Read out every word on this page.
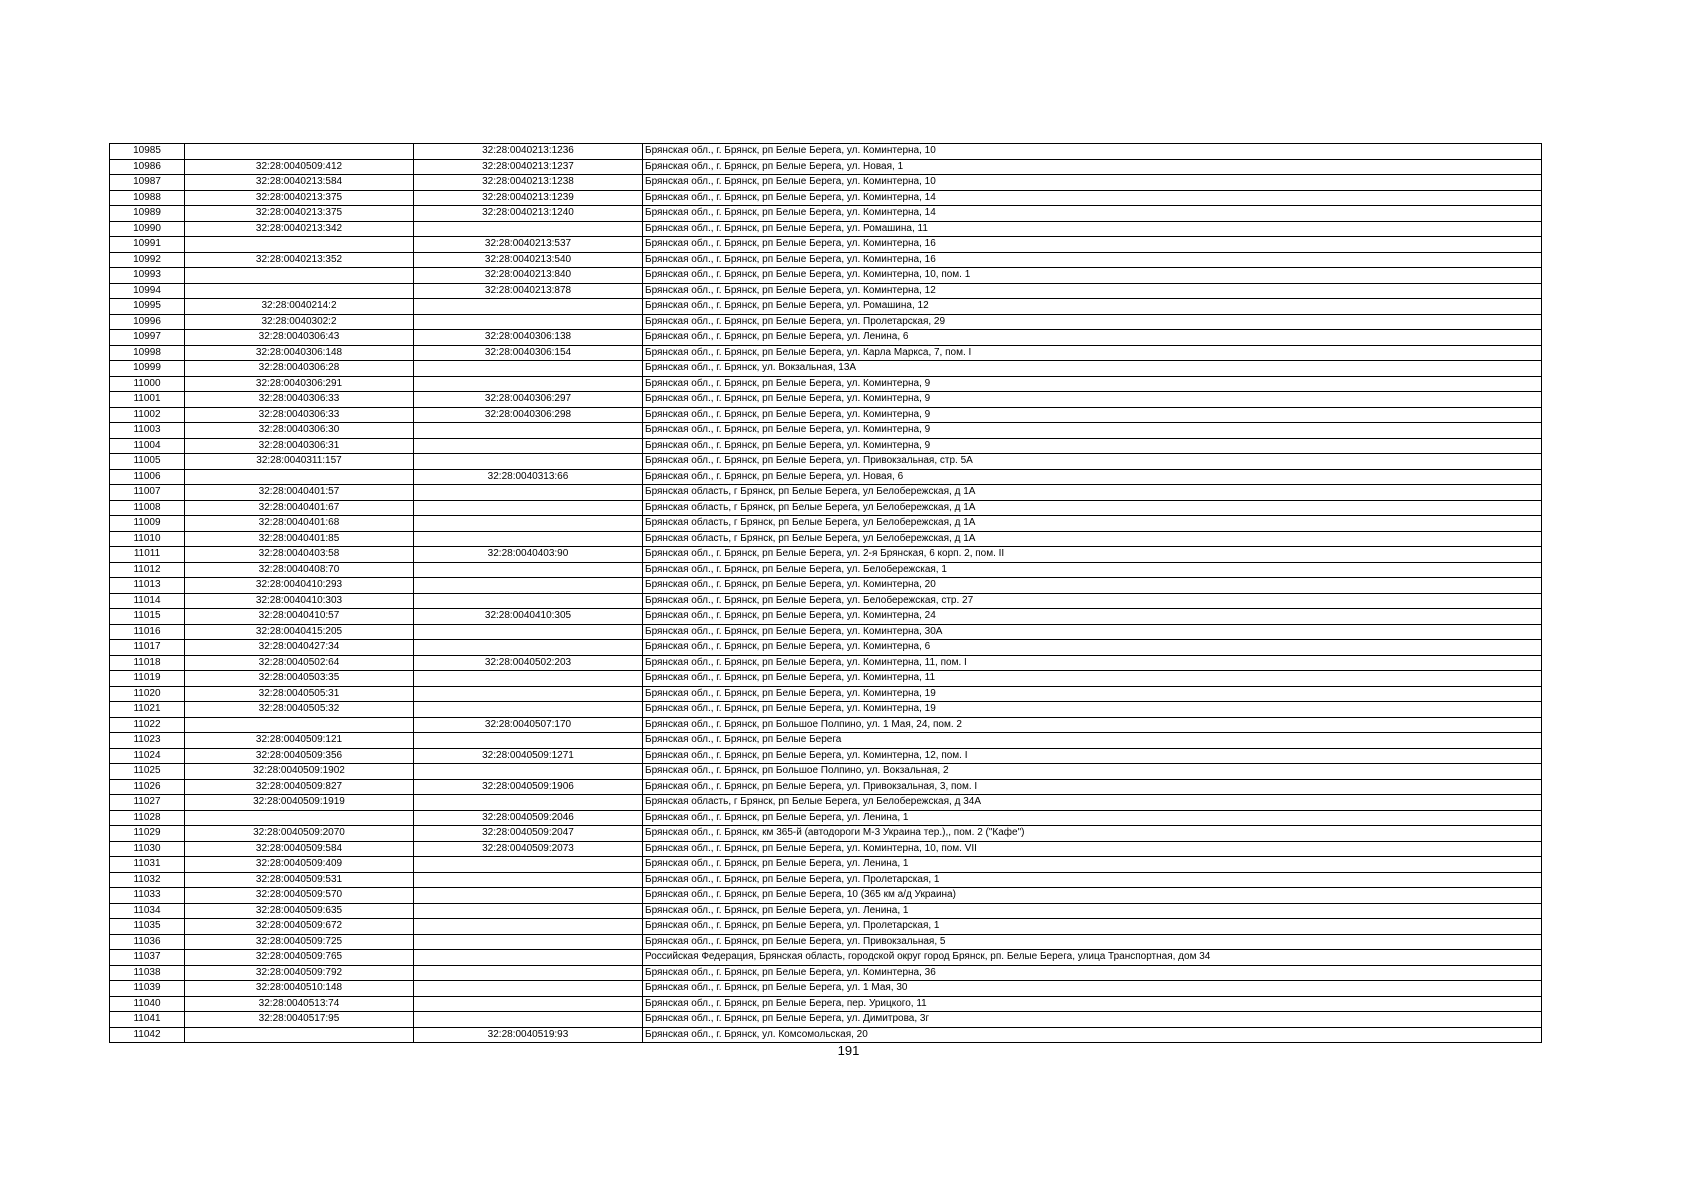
10985		32:28:0040213:1236	Брянская обл., г. Брянск, рп Белые Берега, ул. Коминтерна, 10
10986	32:28:0040509:412	32:28:0040213:1237	Брянская обл., г. Брянск, рп Белые Берега, ул. Новая, 1
10987	32:28:0040213:584	32:28:0040213:1238	Брянская обл., г. Брянск, рп Белые Берега, ул. Коминтерна, 10
10988	32:28:0040213:375	32:28:0040213:1239	Брянская обл., г. Брянск, рп Белые Берега, ул. Коминтерна, 14
10989	32:28:0040213:375	32:28:0040213:1240	Брянская обл., г. Брянск, рп Белые Берега, ул. Коминтерна, 14
10990	32:28:0040213:342		Брянская обл., г. Брянск, рп Белые Берега, ул. Ромашина, 11
10991		32:28:0040213:537	Брянская обл., г. Брянск, рп Белые Берега, ул. Коминтерна, 16
10992	32:28:0040213:352	32:28:0040213:540	Брянская обл., г. Брянск, рп Белые Берега, ул. Коминтерна, 16
10993		32:28:0040213:840	Брянская обл., г. Брянск, рп Белые Берега, ул. Коминтерна, 10, пом. 1
10994		32:28:0040213:878	Брянская обл., г. Брянск, рп Белые Берега, ул. Коминтерна, 12
10995	32:28:0040214:2		Брянская обл., г. Брянск, рп Белые Берега, ул. Ромашина, 12
10996	32:28:0040302:2		Брянская обл., г. Брянск, рп Белые Берега, ул. Пролетарская, 29
10997	32:28:0040306:43	32:28:0040306:138	Брянская обл., г. Брянск, рп Белые Берега, ул. Ленина, 6
10998	32:28:0040306:148	32:28:0040306:154	Брянская обл., г. Брянск, рп Белые Берега, ул. Карла Маркса, 7, пом. I
10999	32:28:0040306:28		Брянская обл., г. Брянск, ул. Вокзальная, 13А
11000	32:28:0040306:291		Брянская обл., г. Брянск, рп Белые Берега, ул. Коминтерна, 9
11001	32:28:0040306:33	32:28:0040306:297	Брянская обл., г. Брянск, рп Белые Берега, ул. Коминтерна, 9
11002	32:28:0040306:33	32:28:0040306:298	Брянская обл., г. Брянск, рп Белые Берега, ул. Коминтерна, 9
11003	32:28:0040306:30		Брянская обл., г. Брянск, рп Белые Берега, ул. Коминтерна, 9
11004	32:28:0040306:31		Брянская обл., г. Брянск, рп Белые Берега, ул. Коминтерна, 9
11005	32:28:0040311:157		Брянская обл., г. Брянск, рп Белые Берега, ул. Привокзальная, стр. 5А
11006		32:28:0040313:66	Брянская обл., г. Брянск, рп Белые Берега, ул. Новая, 6
11007	32:28:0040401:57		Брянская область, г Брянск, рп Белые Берега, ул Белобережская, д 1А
11008	32:28:0040401:67		Брянская область, г Брянск, рп Белые Берега, ул Белобережская, д 1А
11009	32:28:0040401:68		Брянская область, г Брянск, рп Белые Берега, ул Белобережская, д 1А
11010	32:28:0040401:85		Брянская область, г Брянск, рп Белые Берега, ул Белобережская, д 1А
11011	32:28:0040403:58	32:28:0040403:90	Брянская обл., г. Брянск, рп Белые Берега, ул. 2-я Брянская, 6 корп. 2, пом. II
11012	32:28:0040408:70		Брянская обл., г. Брянск, рп Белые Берега, ул. Белобережская, 1
11013	32:28:0040410:293		Брянская обл., г. Брянск, рп Белые Берега, ул. Коминтерна, 20
11014	32:28:0040410:303		Брянская обл., г. Брянск, рп Белые Берега, ул. Белобережская, стр. 27
11015	32:28:0040410:57	32:28:0040410:305	Брянская обл., г. Брянск, рп Белые Берега, ул. Коминтерна, 24
11016	32:28:0040415:205		Брянская обл., г. Брянск, рп Белые Берега, ул. Коминтерна, 30А
11017	32:28:0040427:34		Брянская обл., г. Брянск, рп Белые Берега, ул. Коминтерна, 6
11018	32:28:0040502:64	32:28:0040502:203	Брянская обл., г. Брянск, рп Белые Берега, ул. Коминтерна, 11, пом. I
11019	32:28:0040503:35		Брянская обл., г. Брянск, рп Белые Берега, ул. Коминтерна, 11
11020	32:28:0040505:31		Брянская обл., г. Брянск, рп Белые Берега, ул. Коминтерна, 19
11021	32:28:0040505:32		Брянская обл., г. Брянск, рп Белые Берега, ул. Коминтерна, 19
11022		32:28:0040507:170	Брянская обл., г. Брянск, рп Большое Полпино, ул. 1 Мая, 24, пом. 2
11023	32:28:0040509:121		Брянская обл., г. Брянск, рп Белые Берега
11024	32:28:0040509:356	32:28:0040509:1271	Брянская обл., г. Брянск, рп Белые Берега, ул. Коминтерна, 12, пом. I
11025	32:28:0040509:1902		Брянская обл., г. Брянск, рп Большое Полпино, ул. Вокзальная, 2
11026	32:28:0040509:827	32:28:0040509:1906	Брянская обл., г. Брянск, рп Белые Берега, ул. Привокзальная, 3, пом. I
11027	32:28:0040509:1919		Брянская область, г Брянск, рп Белые Берега, ул Белобережская, д 34А
11028		32:28:0040509:2046	Брянская обл., г. Брянск, рп Белые Берега, ул. Ленина, 1
11029	32:28:0040509:2070	32:28:0040509:2047	Брянская обл., г. Брянск, км 365-й (автодороги М-3 Украина тер.),, пом. 2 ("Кафе")
11030	32:28:0040509:584	32:28:0040509:2073	Брянская обл., г. Брянск, рп Белые Берега, ул. Коминтерна, 10, пом. VII
11031	32:28:0040509:409		Брянская обл., г. Брянск, рп Белые Берега, ул. Ленина, 1
11032	32:28:0040509:531		Брянская обл., г. Брянск, рп Белые Берега, ул. Пролетарская, 1
11033	32:28:0040509:570		Брянская обл., г. Брянск, рп Белые Берега, 10 (365 км а/д Украина)
11034	32:28:0040509:635		Брянская обл., г. Брянск, рп Белые Берега, ул. Ленина, 1
11035	32:28:0040509:672		Брянская обл., г. Брянск, рп Белые Берега, ул. Пролетарская, 1
11036	32:28:0040509:725		Брянская обл., г. Брянск, рп Белые Берега, ул. Привокзальная, 5
11037	32:28:0040509:765		Российская Федерация, Брянская область, городской округ город Брянск, рп. Белые Берега, улица Транспортная, дом 34
11038	32:28:0040509:792		Брянская обл., г. Брянск, рп Белые Берега, ул. Коминтерна, 36
11039	32:28:0040510:148		Брянская обл., г. Брянск, рп Белые Берега, ул. 1 Мая, 30
11040	32:28:0040513:74		Брянская обл., г. Брянск, рп Белые Берега, пер. Урицкого, 11
11041	32:28:0040517:95		Брянская обл., г. Брянск, рп Белые Берега, ул. Димитрова, 3г
11042		32:28:0040519:93	Брянская обл., г. Брянск, ул. Комсомольская, 20
191
